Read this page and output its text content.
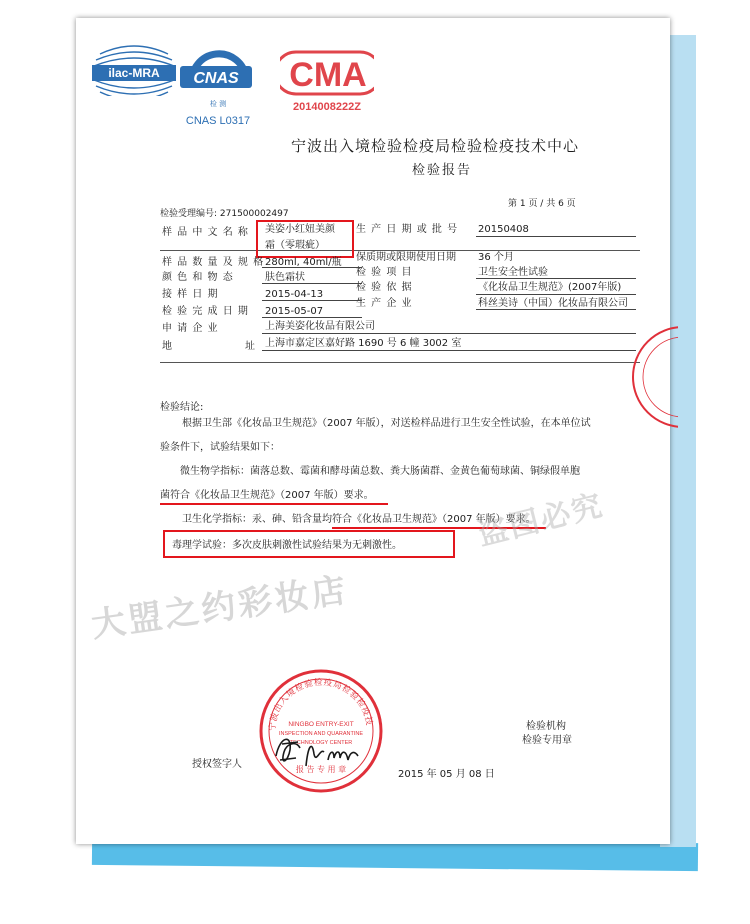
ilac-MRA CNAS
检 测
CNAS L0317
CMA
2014008222Z
宁波出入境检验检疫局检验检疫技术中心
检验报告
第 1 页 / 共 6 页
检验受理编号: 271500002497
样 品 中 文 名 称 美姿小红妞美颜
霜（零瑕疵）
生 产 日 期 或 批 号 20150408
样 品 数 量 及 规 格 280ml, 40ml/瓶 保质期或限期使用日期 36 个月
颜 色 和 物 态	肤色霜状	检 验 项 目	卫生安全性试验
接 样 日 期	2015-04-13
检 验 依 据	《化妆品卫生规范》(2007年版)
检 验 完 成 日 期 2015-05-07
生 产 企 业	科丝美诗（中国）化妆品有限公司
申 请 企 业	上海美姿化妆品有限公司
地	址 上海市嘉定区嘉好路 1690 号 6 幢 3002 室
检验结论:
根据卫生部《化妆品卫生规范》（2007 年版），对送检样品进行卫生安全性试验，在本单位试
验条件下，试验结果如下：
微生物学指标：菌落总数、霉菌和酵母菌总数、粪大肠菌群、金黄色葡萄球菌、铜绿假单胞
菌符合《化妆品卫生规范》（2007 年版）要求。
卫生化学指标：汞、砷、铅含量均符合《化妆品卫生规范》（2007 年版）要求。
毒理学试验：多次皮肤刺激性试验结果为无刺激性。
大盟之约彩妆店
盗图必究
宁波出入境检验检疫局检验检疫技
NINGBO ENTRY-EXIT
INSPECTION AND QUARANTINE
TECHNOLOGY CENTER
报 告 专 用 章
检验机构
检验专用章
授权签字人
2015 年 05 月 08 日
